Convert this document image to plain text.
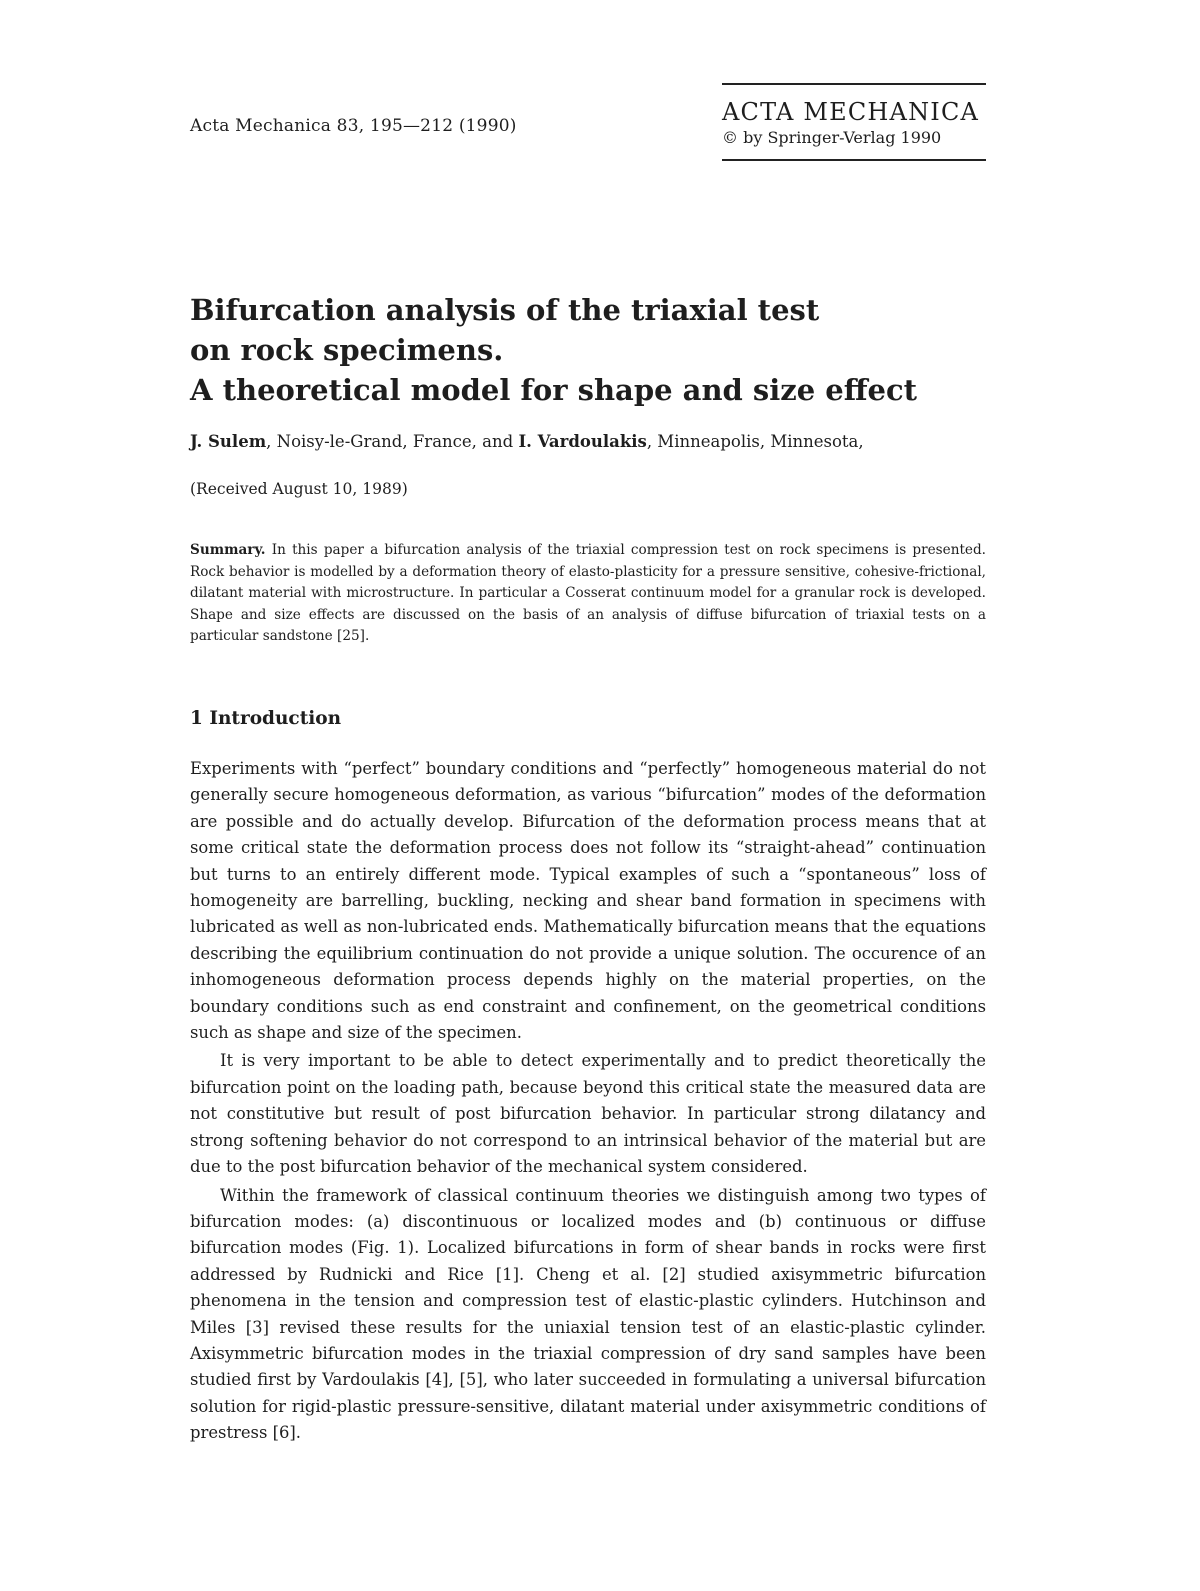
Acta Mechanica 83, 195—212 (1990)	ACTA MECHANICA
© by Springer-Verlag 1990
Bifurcation analysis of the triaxial test
on rock specimens.
A theoretical model for shape and size effect
J. Sulem, Noisy-le-Grand, France, and I. Vardoulakis, Minneapolis, Minnesota,
(Received August 10, 1989)
Summary. In this paper a bifurcation analysis of the triaxial compression test on rock specimens is presented. Rock behavior is modelled by a deformation theory of elasto-plasticity for a pressure sensitive, cohesive-frictional, dilatant material with microstructure. In particular a Cosserat continuum model for a granular rock is developed. Shape and size effects are discussed on the basis of an analysis of diffuse bifurcation of triaxial tests on a particular sandstone [25].
1 Introduction

Experiments with “perfect” boundary conditions and “perfectly” homogeneous material do not generally secure homogeneous deformation, as various “bifurcation” modes of the deformation are possible and do actually develop. Bifurcation of the deformation process means that at some critical state the deformation process does not follow its “straight-ahead” continuation but turns to an entirely different mode. Typical examples of such a “spontaneous” loss of homogeneity are barrelling, buckling, necking and shear band formation in specimens with lubricated as well as non-lubricated ends. Mathematically bifurcation means that the equations describing the equilibrium continuation do not provide a unique solution. The occurence of an inhomogeneous deformation process depends highly on the material properties, on the boundary conditions such as end constraint and confinement, on the geometrical conditions such as shape and size of the specimen.

It is very important to be able to detect experimentally and to predict theoretically the bifurcation point on the loading path, because beyond this critical state the measured data are not constitutive but result of post bifurcation behavior. In particular strong dilatancy and strong softening behavior do not correspond to an intrinsical behavior of the material but are due to the post bifurcation behavior of the mechanical system considered.

Within the framework of classical continuum theories we distinguish among two types of bifurcation modes: (a) discontinuous or localized modes and (b) continuous or diffuse bifurcation modes (Fig. 1). Localized bifurcations in form of shear bands in rocks were first addressed by Rudnicki and Rice [1]. Cheng et al. [2] studied axisymmetric bifurcation phenomena in the tension and compression test of elastic-plastic cylinders. Hutchinson and Miles [3] revised these results for the uniaxial tension test of an elastic-plastic cylinder. Axisymmetric bifurcation modes in the triaxial compression of dry sand samples have been studied first by Vardoulakis [4], [5], who later succeeded in formulating a universal bifurcation solution for rigid-plastic pressure-sensitive, dilatant material under axisymmetric conditions of prestress [6].
